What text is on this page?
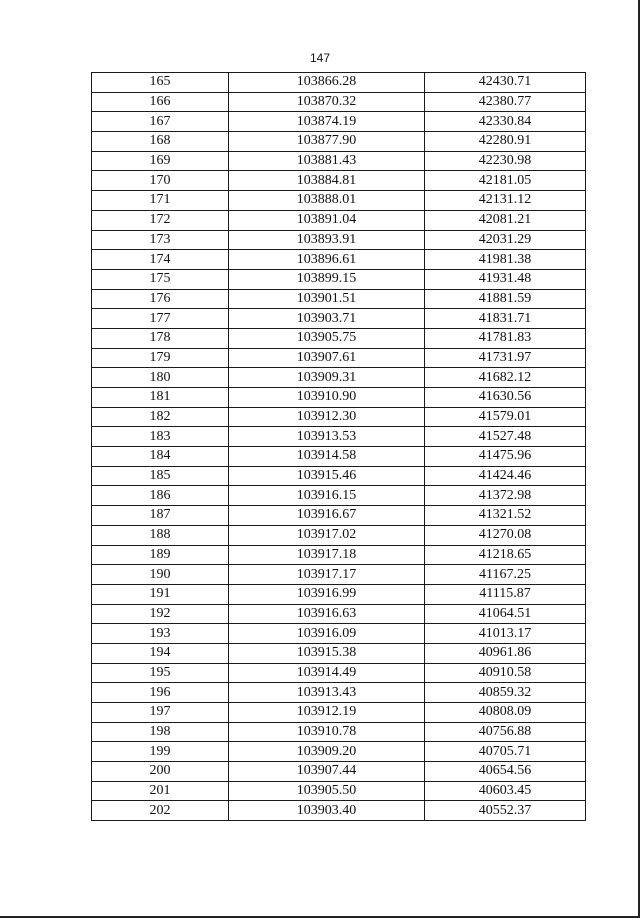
147
165	103866.28	42430.71
166	103870.32	42380.77
167	103874.19	42330.84
168	103877.90	42280.91
169	103881.43	42230.98
170	103884.81	42181.05
171	103888.01	42131.12
172	103891.04	42081.21
173	103893.91	42031.29
174	103896.61	41981.38
175	103899.15	41931.48
176	103901.51	41881.59
177	103903.71	41831.71
178	103905.75	41781.83
179	103907.61	41731.97
180	103909.31	41682.12
181	103910.90	41630.56
182	103912.30	41579.01
183	103913.53	41527.48
184	103914.58	41475.96
185	103915.46	41424.46
186	103916.15	41372.98
187	103916.67	41321.52
188	103917.02	41270.08
189	103917.18	41218.65
190	103917.17	41167.25
191	103916.99	41115.87
192	103916.63	41064.51
193	103916.09	41013.17
194	103915.38	40961.86
195	103914.49	40910.58
196	103913.43	40859.32
197	103912.19	40808.09
198	103910.78	40756.88
199	103909.20	40705.71
200	103907.44	40654.56
201	103905.50	40603.45
202	103903.40	40552.37
